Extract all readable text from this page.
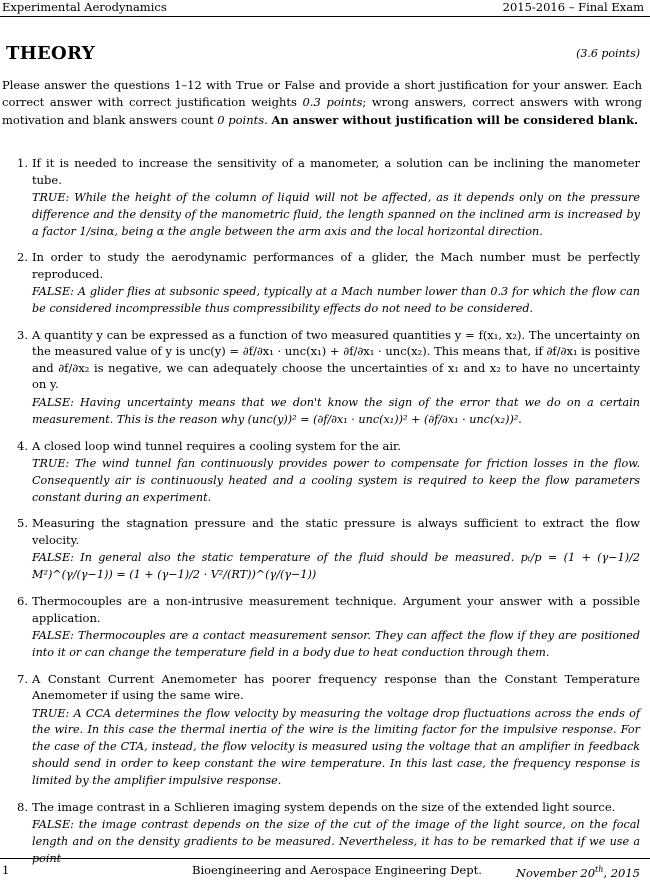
Experimental Aerodynamics	2015-2016 – Final Exam
THEORY	(3.6 points)

Please answer the questions 1–12 with True or False and provide a short justification for your answer. Each correct answer with correct justification weights 0.3 points; wrong answers, correct answers with wrong motivation and blank answers count 0 points. An answer without justification will be considered blank.

1. If it is needed to increase the sensitivity of a manometer, a solution can be inclining the manometer tube.

TRUE: While the height of the column of liquid will not be affected, as it depends only on the pressure difference and the density of the manometric fluid, the length spanned on the inclined arm is increased by a factor 1/sinα, being α the angle between the arm axis and the local horizontal direction.

2. In order to study the aerodynamic performances of a glider, the Mach number must be perfectly reproduced.

FALSE: A glider flies at subsonic speed, typically at a Mach number lower than 0.3 for which the flow can be considered incompressible thus compressibility effects do not need to be considered.

3. A quantity y can be expressed as a function of two measured quantities y = f(x₁, x₂). The uncertainty on the measured value of y is unc(y) = ∂f/∂x₁ · unc(x₁) + ∂f/∂x₁ · unc(x₂). This means that, if ∂f/∂x₁ is positive and ∂f/∂x₂ is negative, we can adequately choose the uncertainties of x₁ and x₂ to have no uncertainty on y.

FALSE: Having uncertainty means that we don't know the sign of the error that we do on a certain measurement. This is the reason why (unc(y))² = (∂f/∂x₁ · unc(x₁))² + (∂f/∂x₁ · unc(x₂))².

4. A closed loop wind tunnel requires a cooling system for the air.

TRUE: The wind tunnel fan continuously provides power to compensate for friction losses in the flow. Consequently air is continuously heated and a cooling system is required to keep the flow parameters constant during an experiment.

5. Measuring the stagnation pressure and the static pressure is always sufficient to extract the flow velocity.

FALSE: In general also the static temperature of the fluid should be measured. pₜ/p = (1 + (γ−1)/2 M²)^(γ/(γ−1)) = (1 + (γ−1)/2 · V²/(RT))^(γ/(γ−1))

6. Thermocouples are a non-intrusive measurement technique. Argument your answer with a possible application.

FALSE: Thermocouples are a contact measurement sensor. They can affect the flow if they are positioned into it or can change the temperature field in a body due to heat conduction through them.

7. A Constant Current Anemometer has poorer frequency response than the Constant Temperature Anemometer if using the same wire.

TRUE: A CCA determines the flow velocity by measuring the voltage drop fluctuations across the ends of the wire. In this case the thermal inertia of the wire is the limiting factor for the impulsive response. For the case of the CTA, instead, the flow velocity is measured using the voltage that an amplifier in feedback should send in order to keep constant the wire temperature. In this last case, the frequency response is limited by the amplifier impulsive response.

8. The image contrast in a Schlieren imaging system depends on the size of the extended light source.

FALSE: the image contrast depends on the size of the cut of the image of the light source, on the focal length and on the density gradients to be measured. Nevertheless, it has to be remarked that if we use a point

1	Bioengineering and Aerospace Engineering Dept.	November 20th, 2015
